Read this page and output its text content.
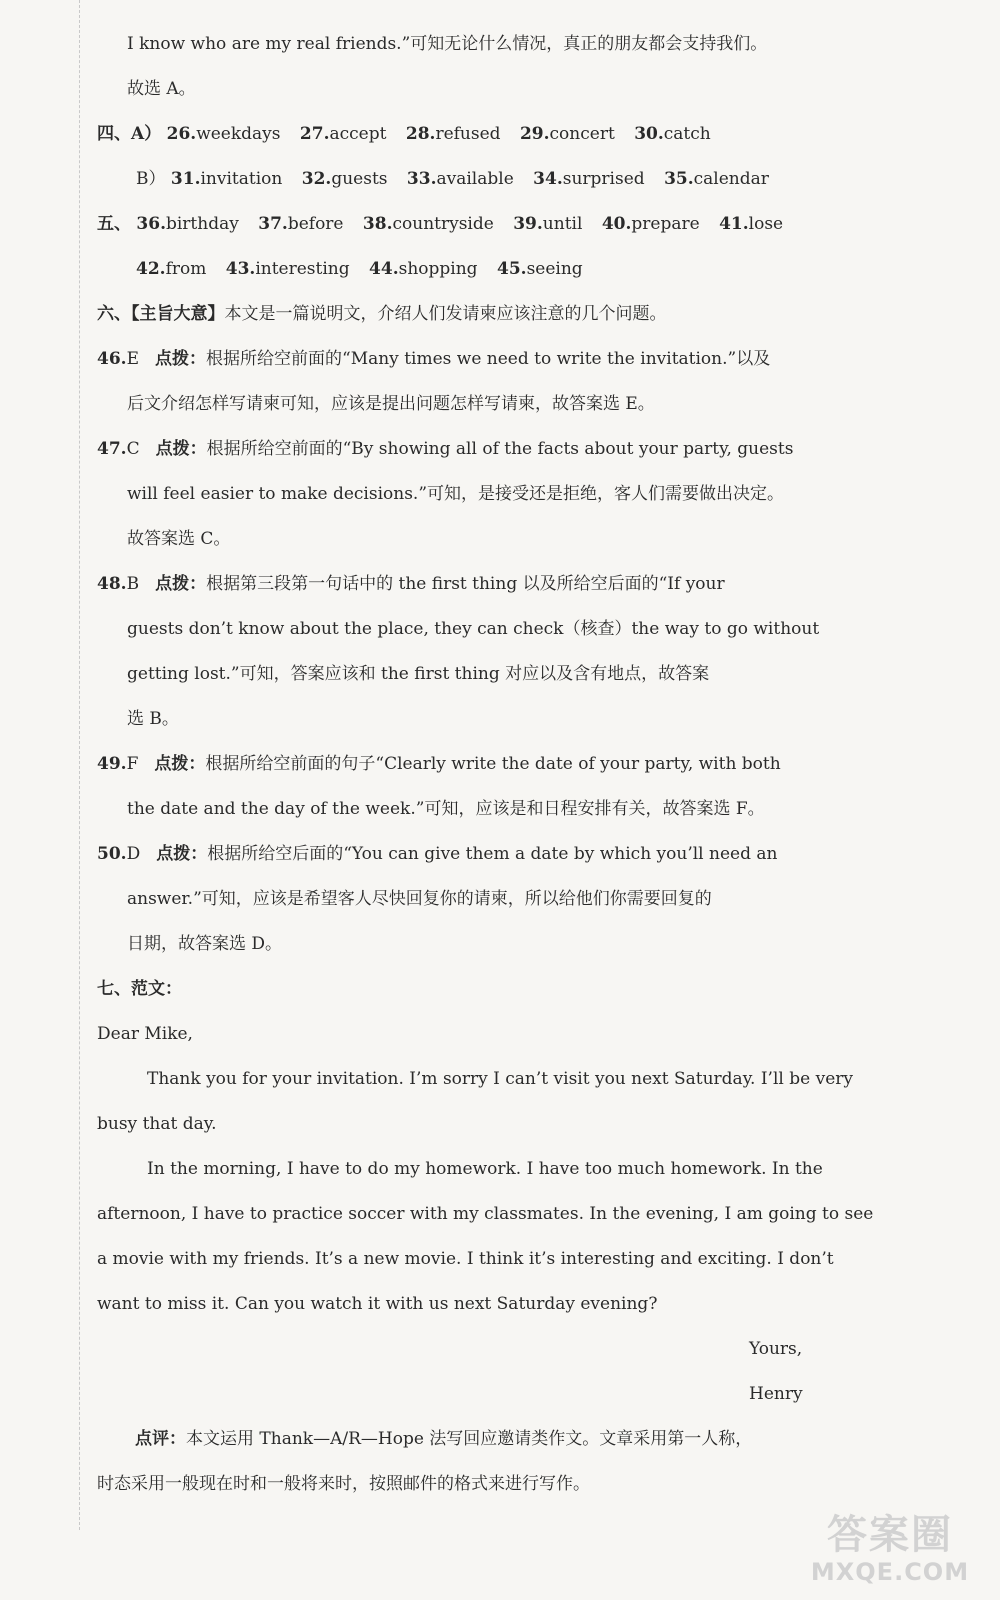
I know who are my real friends.”可知无论什么情况，真正的朋友都会支持我们。
故选 A。
四、A） 26.weekdays 27.accept 28.refused 29.concert 30.catch
B） 31.invitation 32.guests 33.available 34.surprised 35.calendar
五、 36.birthday 37.before 38.countryside 39.until 40.prepare 41.lose
42.from 43.interesting 44.shopping 45.seeing
六、【主旨大意】本文是一篇说明文，介绍人们发请柬应该注意的几个问题。
46.E 点拨：根据所给空前面的“Many times we need to write the invitation.”以及
后文介绍怎样写请柬可知，应该是提出问题怎样写请柬，故答案选 E。
47.C 点拨：根据所给空前面的“By showing all of the facts about your party, guests
will feel easier to make decisions.”可知，是接受还是拒绝，客人们需要做出决定。
故答案选 C。
48.B 点拨：根据第三段第一句话中的 the first thing 以及所给空后面的“If your
guests don’t know about the place, they can check（核查）the way to go without
getting lost.”可知，答案应该和 the first thing 对应以及含有地点，故答案
选 B。
49.F 点拨：根据所给空前面的句子“Clearly write the date of your party, with both
the date and the day of the week.”可知，应该是和日程安排有关，故答案选 F。
50.D 点拨：根据所给空后面的“You can give them a date by which you’ll need an
answer.”可知，应该是希望客人尽快回复你的请柬，所以给他们你需要回复的
日期，故答案选 D。
七、范文：
Dear Mike,
Thank you for your invitation. I’m sorry I can’t visit you next Saturday. I’ll be very
busy that day.
In the morning, I have to do my homework. I have too much homework. In the
afternoon, I have to practice soccer with my classmates. In the evening, I am going to see
a movie with my friends. It’s a new movie. I think it’s interesting and exciting. I don’t
want to miss it. Can you watch it with us next Saturday evening?
Yours,
Henry
点评：本文运用 Thank—A/R—Hope 法写回应邀请类作文。文章采用第一人称，
时态采用一般现在时和一般将来时，按照邮件的格式来进行写作。
答案圈
MXQE.COM
